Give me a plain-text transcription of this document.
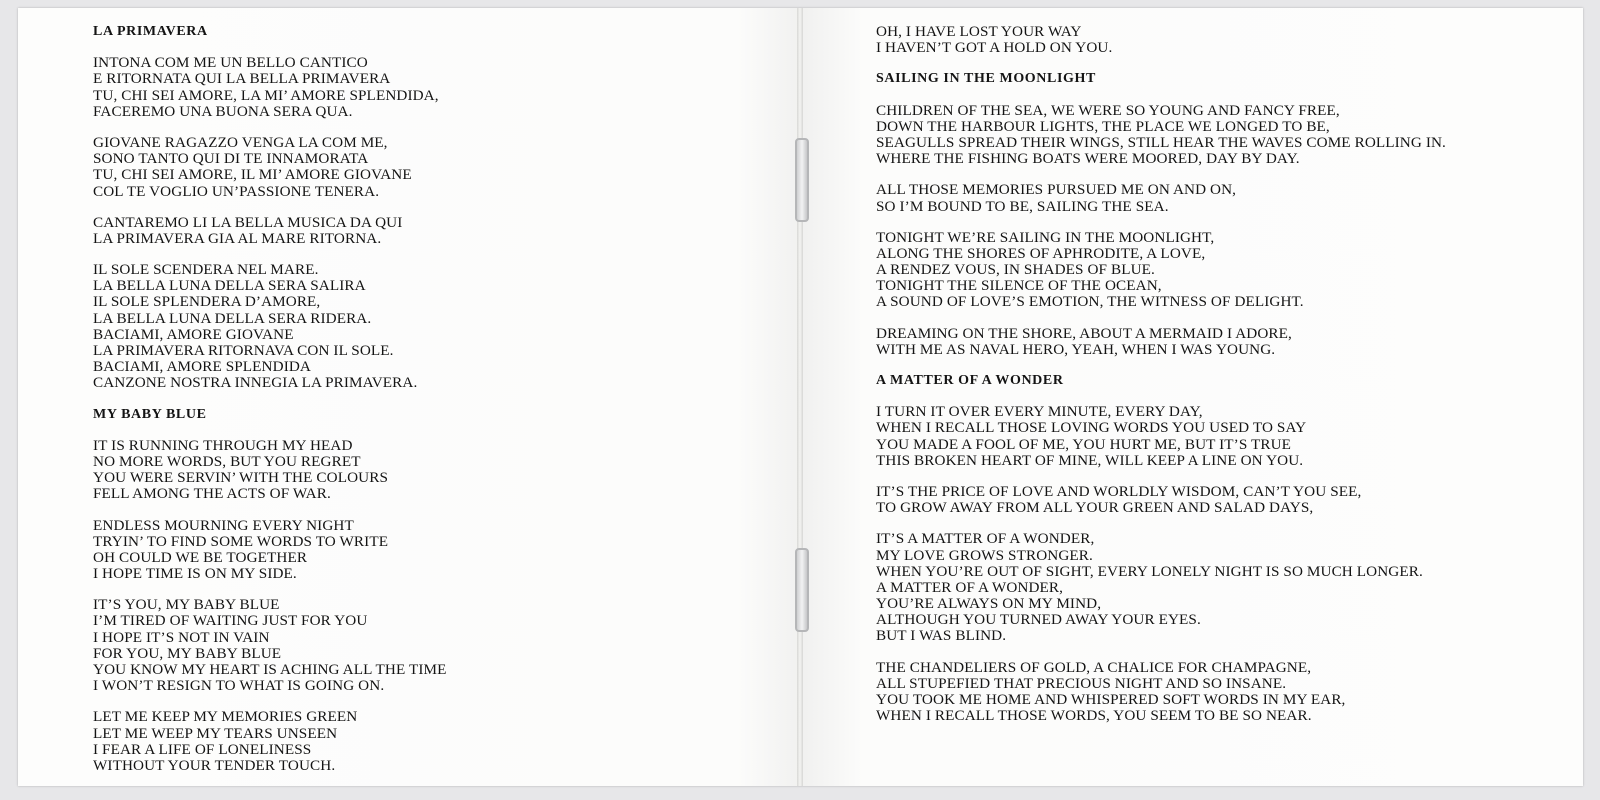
LA PRIMAVERA
INTONA COM ME UN BELLO CANTICO
E RITORNATA QUI LA BELLA PRIMAVERA
TU, CHI SEI AMORE, LA MI’ AMORE SPLENDIDA,
FACEREMO UNA BUONA SERA QUA.
GIOVANE RAGAZZO VENGA LA COM ME,
SONO TANTO QUI DI TE INNAMORATA
TU, CHI SEI AMORE, IL MI’ AMORE GIOVANE
COL TE VOGLIO UN’PASSIONE TENERA.
CANTAREMO LI LA BELLA MUSICA DA QUI
LA PRIMAVERA GIA AL MARE RITORNA.
IL SOLE SCENDERA NEL MARE.
LA BELLA LUNA DELLA SERA SALIRA
IL SOLE SPLENDERA D’AMORE,
LA BELLA LUNA DELLA SERA RIDERA.
BACIAMI, AMORE GIOVANE
LA PRIMAVERA RITORNAVA CON IL SOLE.
BACIAMI, AMORE SPLENDIDA
CANZONE NOSTRA INNEGIA LA PRIMAVERA.
MY BABY BLUE
IT IS RUNNING THROUGH MY HEAD
NO MORE WORDS, BUT YOU REGRET
YOU WERE SERVIN’ WITH THE COLOURS
FELL AMONG THE ACTS OF WAR.
ENDLESS MOURNING EVERY NIGHT
TRYIN’ TO FIND SOME WORDS TO WRITE
OH COULD WE BE TOGETHER
I HOPE TIME IS ON MY SIDE.
IT’S YOU, MY BABY BLUE
I’M TIRED OF WAITING JUST FOR YOU
I HOPE IT’S NOT IN VAIN
FOR YOU, MY BABY BLUE
YOU KNOW MY HEART IS ACHING ALL THE TIME
I WON’T RESIGN TO WHAT IS GOING ON.
LET ME KEEP MY MEMORIES GREEN
LET ME WEEP MY TEARS UNSEEN
I FEAR A LIFE OF LONELINESS
WITHOUT YOUR TENDER TOUCH.
OH, I HAVE LOST YOUR WAY
I HAVEN’T GOT A HOLD ON YOU.
SAILING IN THE MOONLIGHT
CHILDREN OF THE SEA, WE WERE SO YOUNG AND FANCY FREE,
DOWN THE HARBOUR LIGHTS, THE PLACE WE LONGED TO BE,
SEAGULLS SPREAD THEIR WINGS, STILL HEAR THE WAVES COME ROLLING IN.
WHERE THE FISHING BOATS WERE MOORED, DAY BY DAY.
ALL THOSE MEMORIES PURSUED ME ON AND ON,
SO I’M BOUND TO BE, SAILING THE SEA.
TONIGHT WE’RE SAILING IN THE MOONLIGHT,
ALONG THE SHORES OF APHRODITE, A LOVE,
A RENDEZ VOUS, IN SHADES OF BLUE.
TONIGHT THE SILENCE OF THE OCEAN,
A SOUND OF LOVE’S EMOTION, THE WITNESS OF DELIGHT.
DREAMING ON THE SHORE, ABOUT A MERMAID I ADORE,
WITH ME AS NAVAL HERO, YEAH, WHEN I WAS YOUNG.
A MATTER OF A WONDER
I TURN IT OVER EVERY MINUTE, EVERY DAY,
WHEN I RECALL THOSE LOVING WORDS YOU USED TO SAY
YOU MADE A FOOL OF ME, YOU HURT ME, BUT IT’S TRUE
THIS BROKEN HEART OF MINE, WILL KEEP A LINE ON YOU.
IT’S THE PRICE OF LOVE AND WORLDLY WISDOM, CAN’T YOU SEE,
TO GROW AWAY FROM ALL YOUR GREEN AND SALAD DAYS,
IT’S A MATTER OF A WONDER,
MY LOVE GROWS STRONGER.
WHEN YOU’RE OUT OF SIGHT, EVERY LONELY NIGHT IS SO MUCH LONGER.
A MATTER OF A WONDER,
YOU’RE ALWAYS ON MY MIND,
ALTHOUGH YOU TURNED AWAY YOUR EYES.
BUT I WAS BLIND.
THE CHANDELIERS OF GOLD, A CHALICE FOR CHAMPAGNE,
ALL STUPEFIED THAT PRECIOUS NIGHT AND SO INSANE.
YOU TOOK ME HOME AND WHISPERED SOFT WORDS IN MY EAR,
WHEN I RECALL THOSE WORDS, YOU SEEM TO BE SO NEAR.
